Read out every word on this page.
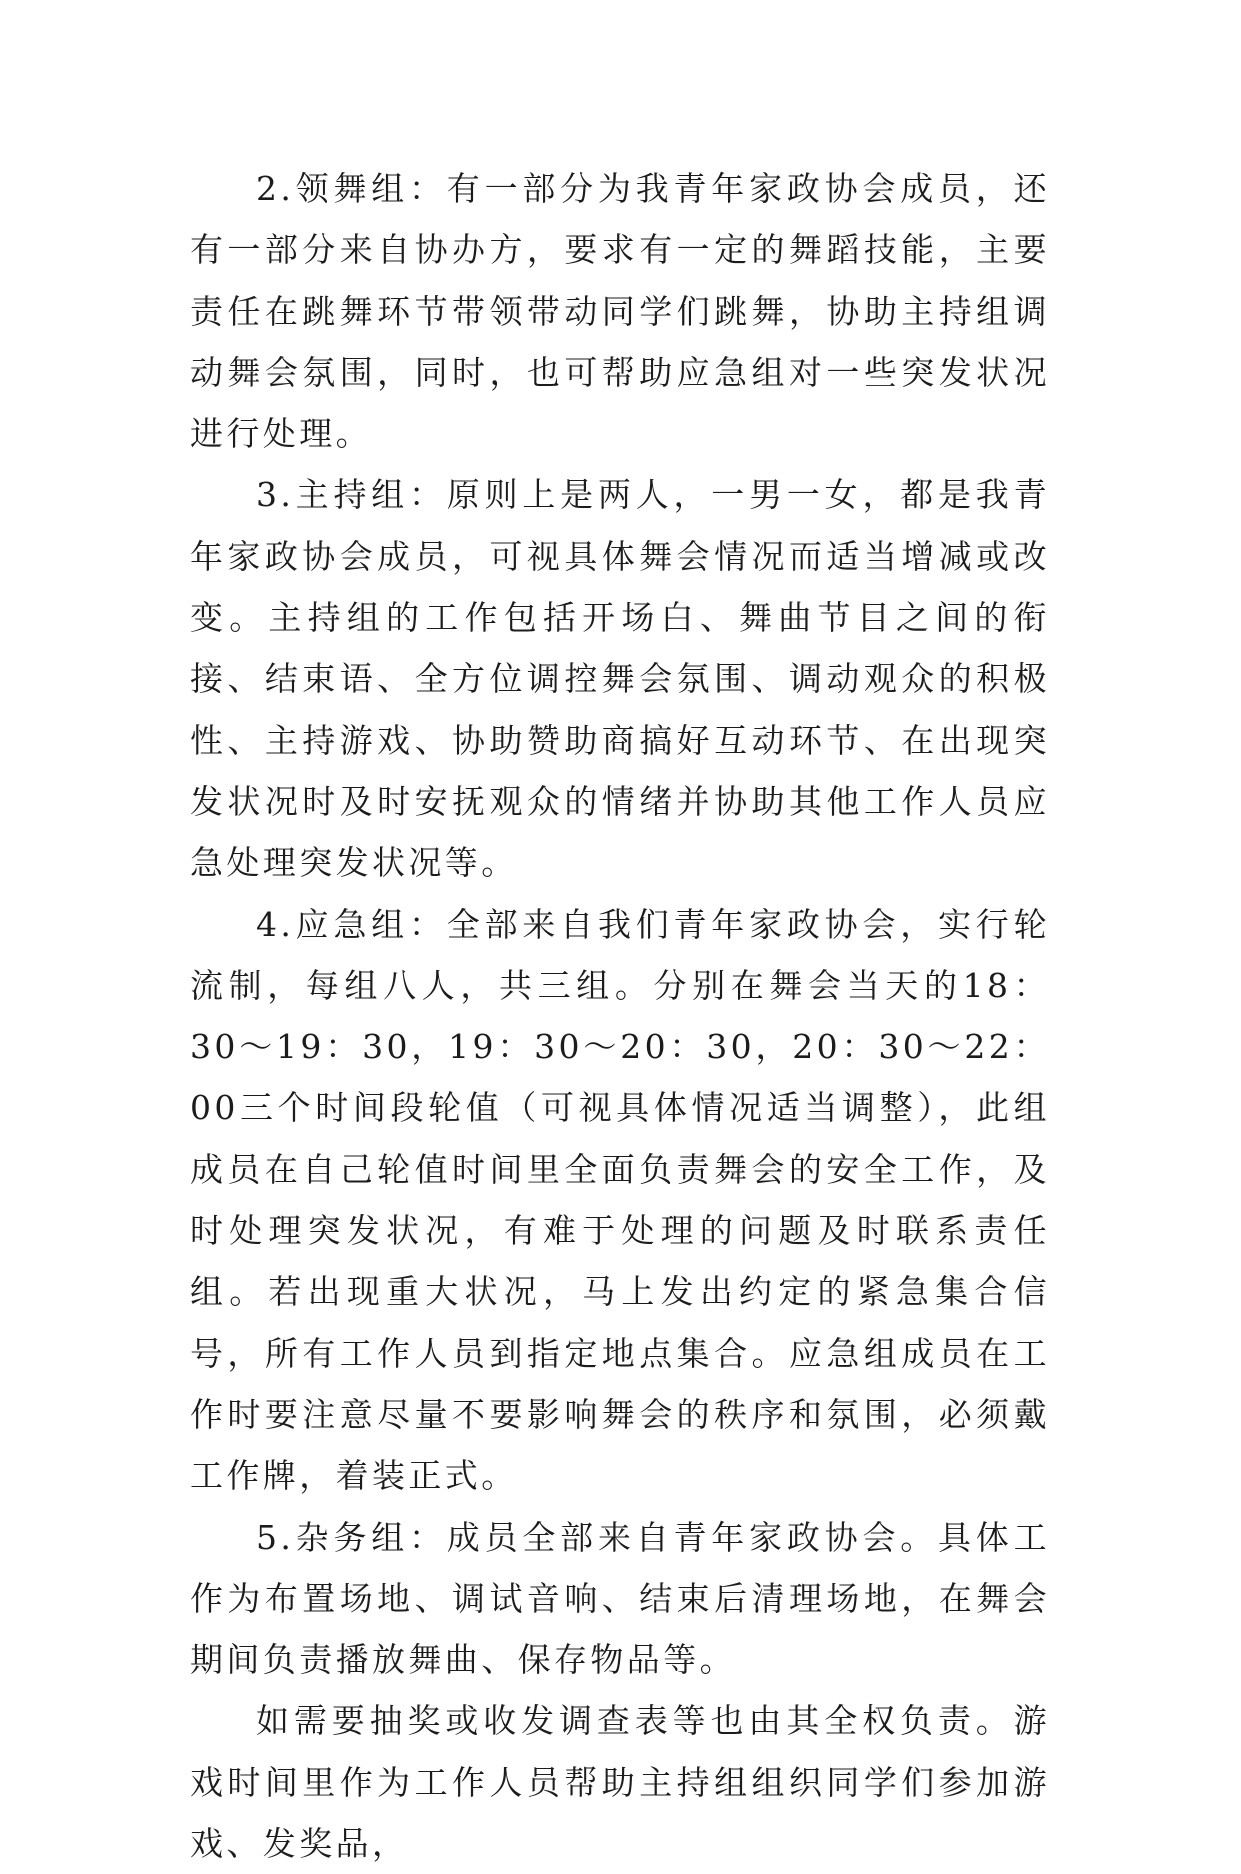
2.领舞组：有一部分为我青年家政协会成员，还有一部分来自协办方，要求有一定的舞蹈技能，主要责任在跳舞环节带领带动同学们跳舞，协助主持组调动舞会氛围，同时，也可帮助应急组对一些突发状况进行处理。

3.主持组：原则上是两人，一男一女，都是我青年家政协会成员，可视具体舞会情况而适当增减或改变。主持组的工作包括开场白、舞曲节目之间的衔接、结束语、全方位调控舞会氛围、调动观众的积极性、主持游戏、协助赞助商搞好互动环节、在出现突发状况时及时安抚观众的情绪并协助其他工作人员应急处理突发状况等。

4.应急组：全部来自我们青年家政协会，实行轮流制，每组八人，共三组。分别在舞会当天的18：30～19：30，19：30～20：30，20：30～22：00三个时间段轮值（可视具体情况适当调整），此组成员在自己轮值时间里全面负责舞会的安全工作，及时处理突发状况，有难于处理的问题及时联系责任组。若出现重大状况，马上发出约定的紧急集合信号，所有工作人员到指定地点集合。应急组成员在工作时要注意尽量不要影响舞会的秩序和氛围，必须戴工作牌，着装正式。

5.杂务组：成员全部来自青年家政协会。具体工作为布置场地、调试音响、结束后清理场地，在舞会期间负责播放舞曲、保存物品等。

如需要抽奖或收发调查表等也由其全权负责。游戏时间里作为工作人员帮助主持组组织同学们参加游戏、发奖品，
